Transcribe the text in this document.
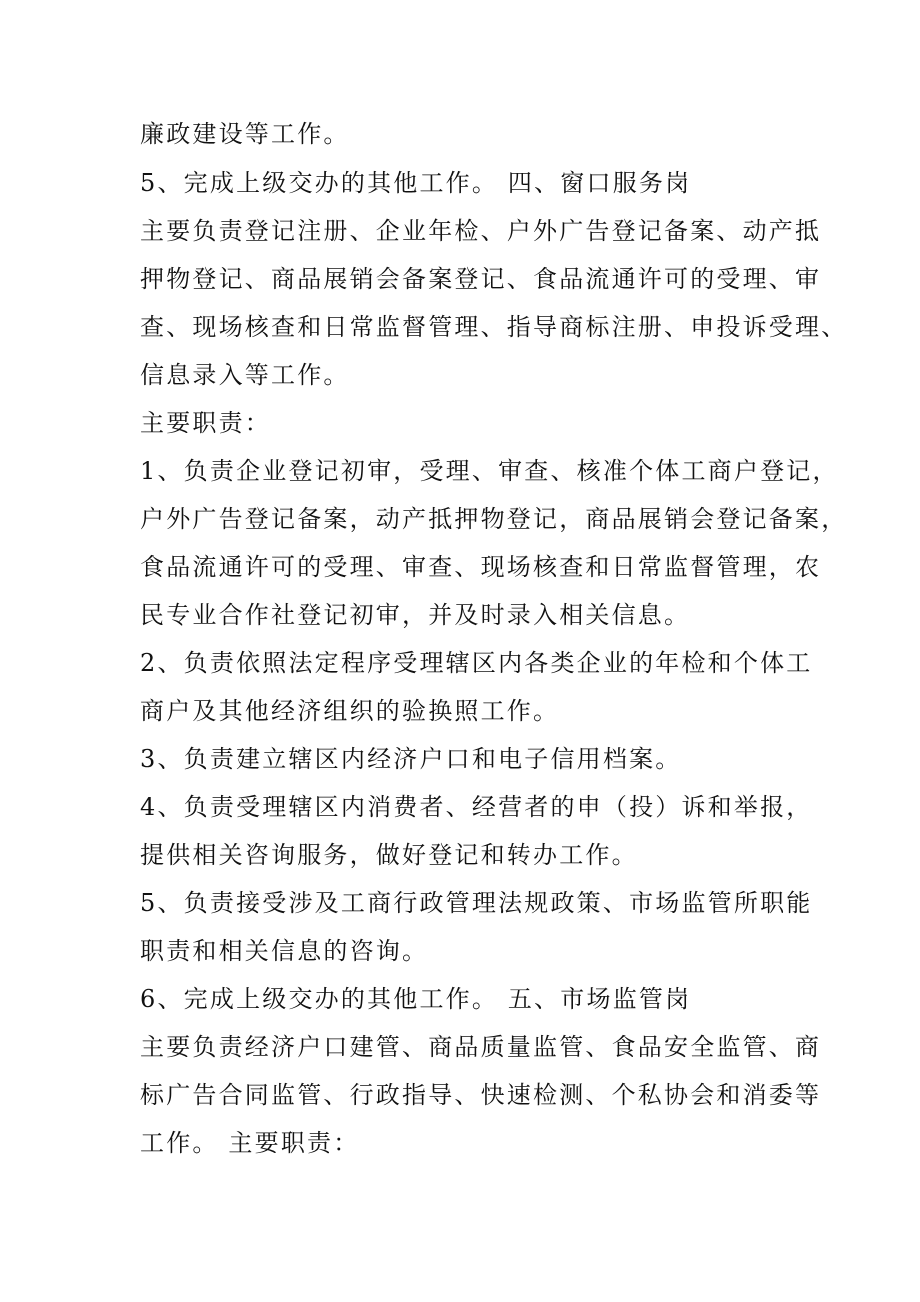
廉政建设等工作。
5、完成上级交办的其他工作。 四、窗口服务岗
主要负责登记注册、企业年检、户外广告登记备案、动产抵
押物登记、商品展销会备案登记、食品流通许可的受理、审
查、现场核查和日常监督管理、指导商标注册、申投诉受理、
信息录入等工作。
主要职责：
1、负责企业登记初审，受理、审查、核准个体工商户登记，
户外广告登记备案，动产抵押物登记，商品展销会登记备案，
食品流通许可的受理、审查、现场核查和日常监督管理，农
民专业合作社登记初审，并及时录入相关信息。
2、负责依照法定程序受理辖区内各类企业的年检和个体工
商户及其他经济组织的验换照工作。
3、负责建立辖区内经济户口和电子信用档案。
4、负责受理辖区内消费者、经营者的申（投）诉和举报，
提供相关咨询服务，做好登记和转办工作。
5、负责接受涉及工商行政管理法规政策、市场监管所职能
职责和相关信息的咨询。
6、完成上级交办的其他工作。 五、市场监管岗
主要负责经济户口建管、商品质量监管、食品安全监管、商
标广告合同监管、行政指导、快速检测、个私协会和消委等
工作。 主要职责：
